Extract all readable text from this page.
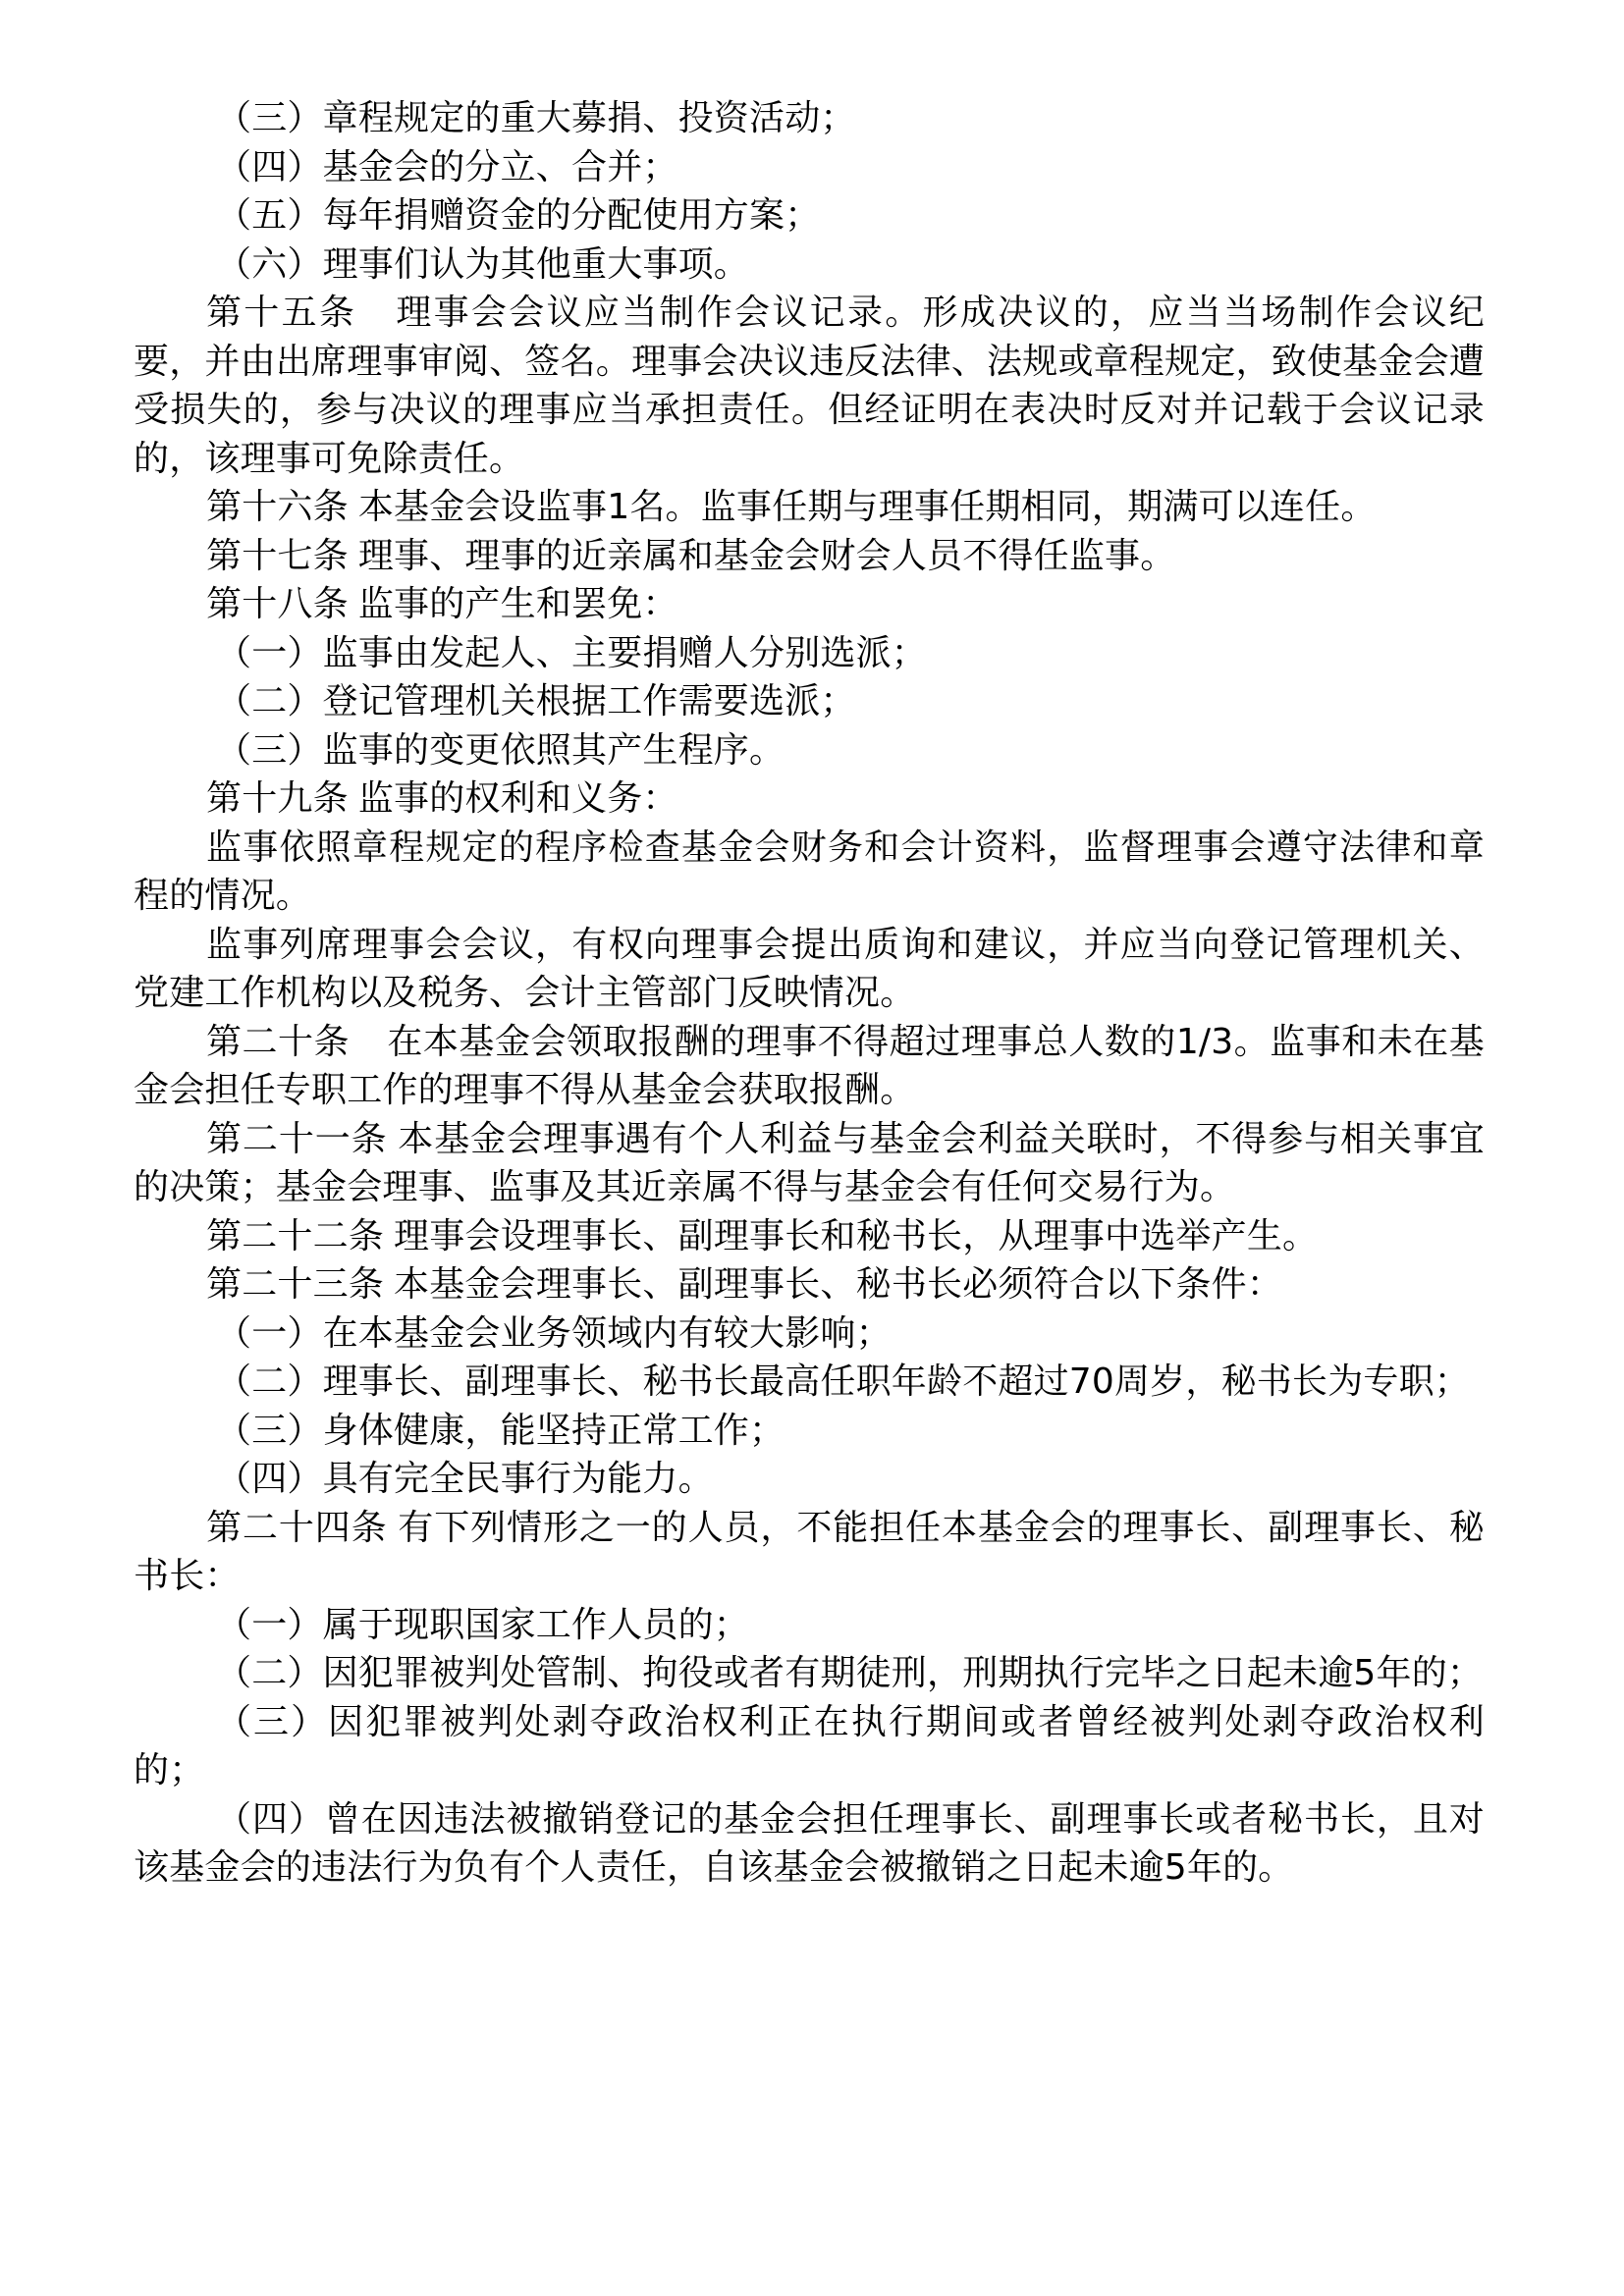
（三）章程规定的重大募捐、投资活动；

（四）基金会的分立、合并；

（五）每年捐赠资金的分配使用方案；

（六）理事们认为其他重大事项。

第十五条 理事会会议应当制作会议记录。形成决议的，应当当场制作会议纪要，并由出席理事审阅、签名。理事会决议违反法律、法规或章程规定，致使基金会遭受损失的，参与决议的理事应当承担责任。但经证明在表决时反对并记载于会议记录的，该理事可免除责任。

第十六条 本基金会设监事1名。监事任期与理事任期相同，期满可以连任。

第十七条 理事、理事的近亲属和基金会财会人员不得任监事。

第十八条 监事的产生和罢免：

（一）监事由发起人、主要捐赠人分别选派；

（二）登记管理机关根据工作需要选派；

（三）监事的变更依照其产生程序。

第十九条 监事的权利和义务：

监事依照章程规定的程序检查基金会财务和会计资料，监督理事会遵守法律和章程的情况。

监事列席理事会会议，有权向理事会提出质询和建议，并应当向登记管理机关、党建工作机构以及税务、会计主管部门反映情况。

第二十条 在本基金会领取报酬的理事不得超过理事总人数的1/3。监事和未在基金会担任专职工作的理事不得从基金会获取报酬。

第二十一条 本基金会理事遇有个人利益与基金会利益关联时，不得参与相关事宜的决策；基金会理事、监事及其近亲属不得与基金会有任何交易行为。

第二十二条 理事会设理事长、副理事长和秘书长，从理事中选举产生。

第二十三条 本基金会理事长、副理事长、秘书长必须符合以下条件：

（一）在本基金会业务领域内有较大影响；

（二）理事长、副理事长、秘书长最高任职年龄不超过70周岁，秘书长为专职；

（三）身体健康，能坚持正常工作；

（四）具有完全民事行为能力。

第二十四条 有下列情形之一的人员，不能担任本基金会的理事长、副理事长、秘书长：

（一）属于现职国家工作人员的；

（二）因犯罪被判处管制、拘役或者有期徒刑，刑期执行完毕之日起未逾5年的；

（三）因犯罪被判处剥夺政治权利正在执行期间或者曾经被判处剥夺政治权利的；

（四）曾在因违法被撤销登记的基金会担任理事长、副理事长或者秘书长，且对该基金会的违法行为负有个人责任，自该基金会被撤销之日起未逾5年的。
